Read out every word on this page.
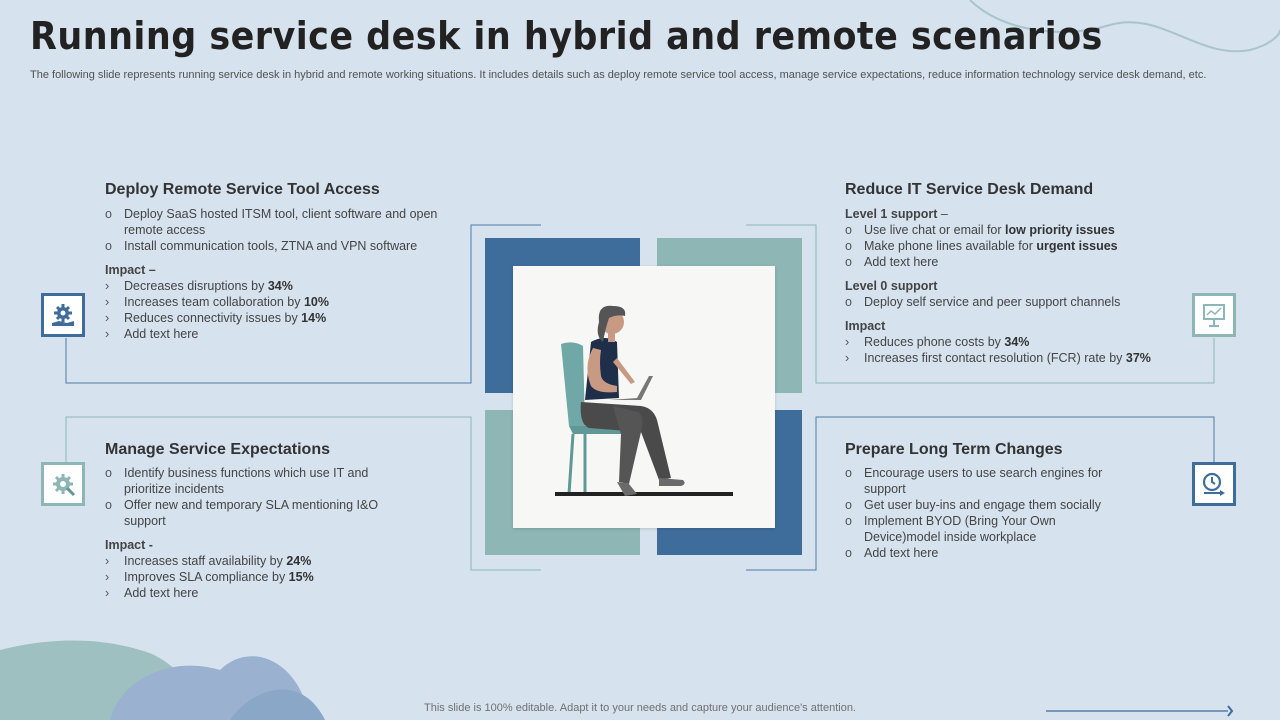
Running service desk in hybrid and remote scenarios
The following slide represents running service desk in hybrid and remote working situations. It includes details such as deploy remote service tool access, manage service expectations, reduce information technology service desk demand, etc.
Deploy Remote Service Tool Access
o Deploy SaaS hosted ITSM tool, client software and open remote access
o Install communication tools, ZTNA and VPN software
Impact –
›	Decreases disruptions by 34%
›	Increases team collaboration by 10%
›	Reduces connectivity issues by 14%
›	Add text here
Manage Service Expectations
o Identify business functions which use IT and prioritize incidents
o Offer new and temporary SLA mentioning I&O support
Impact -
›	Increases staff availability by 24%
›	Improves SLA compliance by 15%
›	Add text here
Reduce IT Service Desk Demand
Level 1 support –
o Use live chat or email for low priority issues
o Make phone lines available for urgent issues
o Add text here
Level 0 support
o Deploy self service and peer support channels
Impact
›	Reduces phone costs by 34%
›	Increases first contact resolution (FCR) rate by 37%
Prepare Long Term Changes
o Encourage users to use search engines for support
o Get user buy-ins and engage them socially
o Implement BYOD (Bring Your Own Device)model inside workplace
o Add text here
This slide is 100% editable. Adapt it to your needs and capture your audience's attention.
